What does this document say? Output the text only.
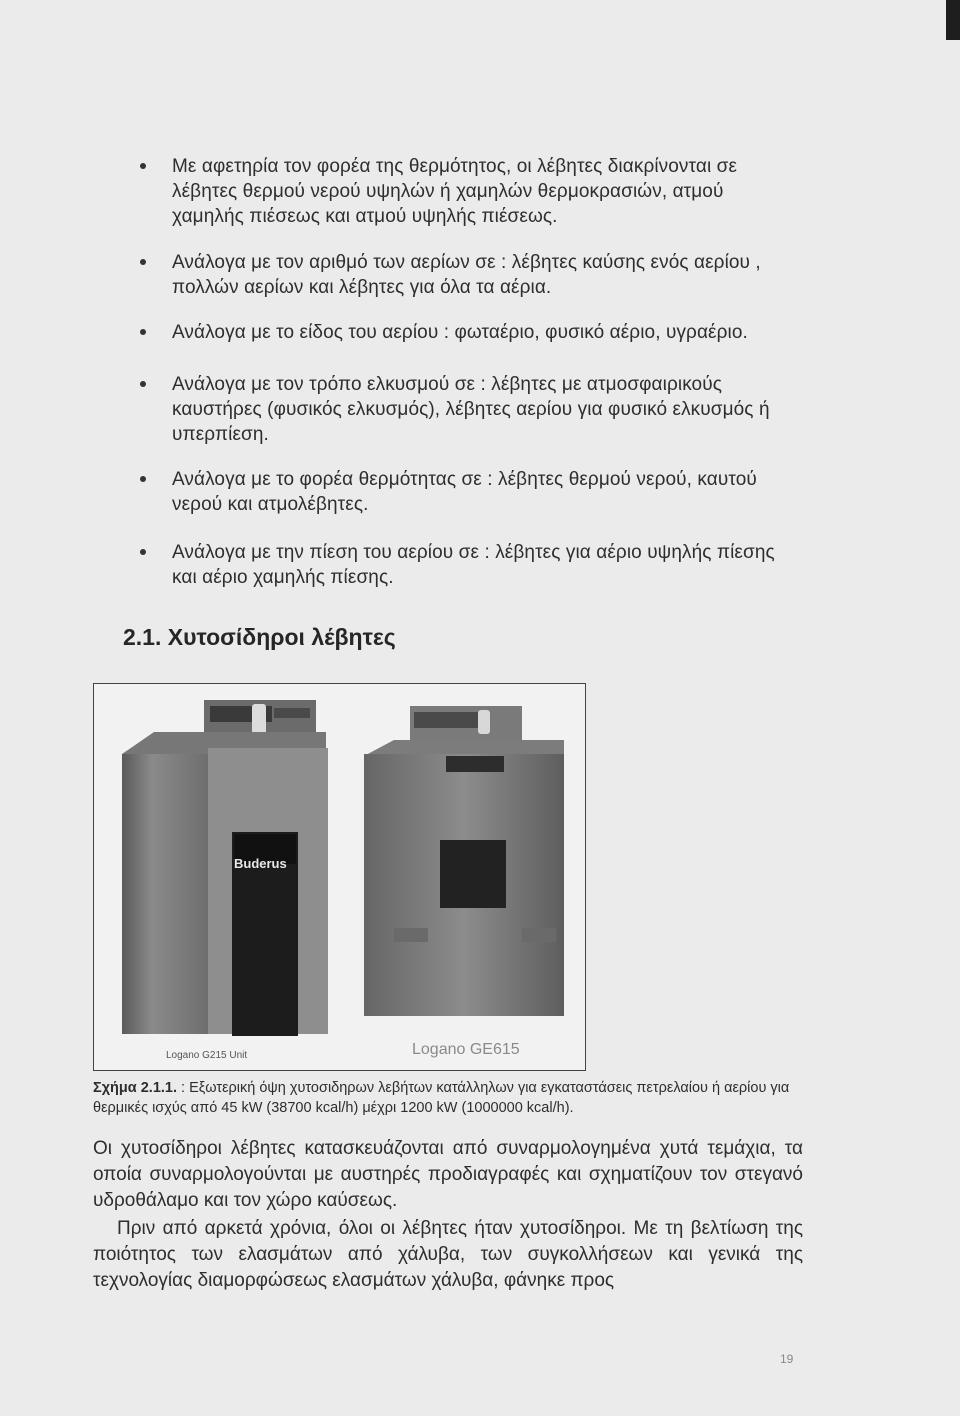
Με αφετηρία τον φορέα της θερμότητος, οι λέβητες διακρίνονται σε λέβητες θερμού νερού υψηλών ή χαμηλών θερμοκρασιών, ατμού χαμηλής πιέσεως και ατμού υψηλής πιέσεως.
Ανάλογα με τον αριθμό των αερίων σε : λέβητες καύσης ενός αερίου , πολλών αερίων και λέβητες για όλα τα αέρια.
Ανάλογα με το είδος του αερίου : φωταέριο, φυσικό αέριο, υγραέριο.
Ανάλογα με τον τρόπο ελκυσμού σε : λέβητες με ατμοσφαιρικούς καυστήρες (φυσικός ελκυσμός), λέβητες αερίου για φυσικό ελκυσμός ή υπερπίεση.
Ανάλογα με το φορέα θερμότητας σε : λέβητες θερμού νερού, καυτού νερού και ατμολέβητες.
Ανάλογα με την πίεση του αερίου σε : λέβητες για αέριο υψηλής πίεσης και αέριο χαμηλής πίεσης.
2.1. Χυτοσίδηροι λέβητες
Logano G215 Unit	Logano GE615
Buderus
Σχήμα 2.1.1. : Εξωτερική όψη χυτοσιδηρων λεβήτων κατάλληλων για εγκαταστάσεις πετρελαίου ή αερίου για θερμικές ισχύς από 45 kW (38700 kcal/h) μέχρι 1200 kW (1000000 kcal/h).
Οι χυτοσίδηροι λέβητες κατασκευάζονται από συναρμολογημένα χυτά τεμάχια, τα οποία συναρμολογούνται με αυστηρές προδιαγραφές και σχηματίζουν τον στεγανό υδροθάλαμο και τον χώρο καύσεως.
Πριν από αρκετά χρόνια, όλοι οι λέβητες ήταν χυτοσίδηροι. Με τη βελτίωση της ποιότητος των ελασμάτων από χάλυβα, των συγκολλήσεων και γενικά της τεχνολογίας διαμορφώσεως ελασμάτων χάλυβα, φάνηκε προς
19
